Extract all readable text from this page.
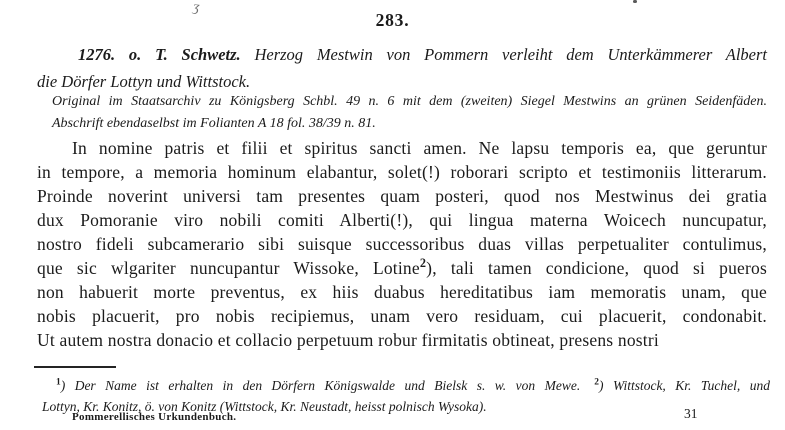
ʒ
283.
1276. o. T. Schwetz. Herzog Mestwin von Pommern verleiht dem Unterkämmerer Albert
die Dörfer Lottyn und Wittstock.
Original im Staatsarchiv zu Königsberg Schbl. 49 n. 6 mit dem (zweiten) Siegel Mestwins an grünen Seidenfäden.
Abschrift ebendaselbst im Folianten A 18 fol. 38/39 n. 81.
In nomine patris et filii et spiritus sancti amen. Ne lapsu temporis ea, que geruntur
in tempore, a memoria hominum elabantur, solet(!) roborari scripto et testimoniis litterarum.
Proinde noverint universi tam presentes quam posteri, quod nos Mestwinus dei gratia
dux Pomoranie viro nobili comiti Alberti(!), qui lingua materna Woicech nuncupatur,
nostro fideli subcamerario sibi suisque successoribus duas villas perpetualiter contulimus,
que sic wlgariter nuncupantur Wissoke, Lotine$^2$), tali tamen condicione, quod si pueros
non habuerit morte preventus, ex hiis duabus hereditatibus iam memoratis unam, que
nobis placuerit, pro nobis recipiemus, unam vero residuam, cui placuerit, condonabit.
Ut autem nostra donacio et collacio perpetuum robur firmitatis obtineat, presens nostri
$^1$) Der Name ist erhalten in den Dörfern Königswalde und Bielsk s. w. von Mewe. $^2$) Wittstock, Kr. Tuchel, und
Lottyn, Kr. Konitz, ö. von Konitz (Wittstock, Kr. Neustadt, heisst polnisch Wysoka).
Pommerellisches Urkundenbuch.	31
